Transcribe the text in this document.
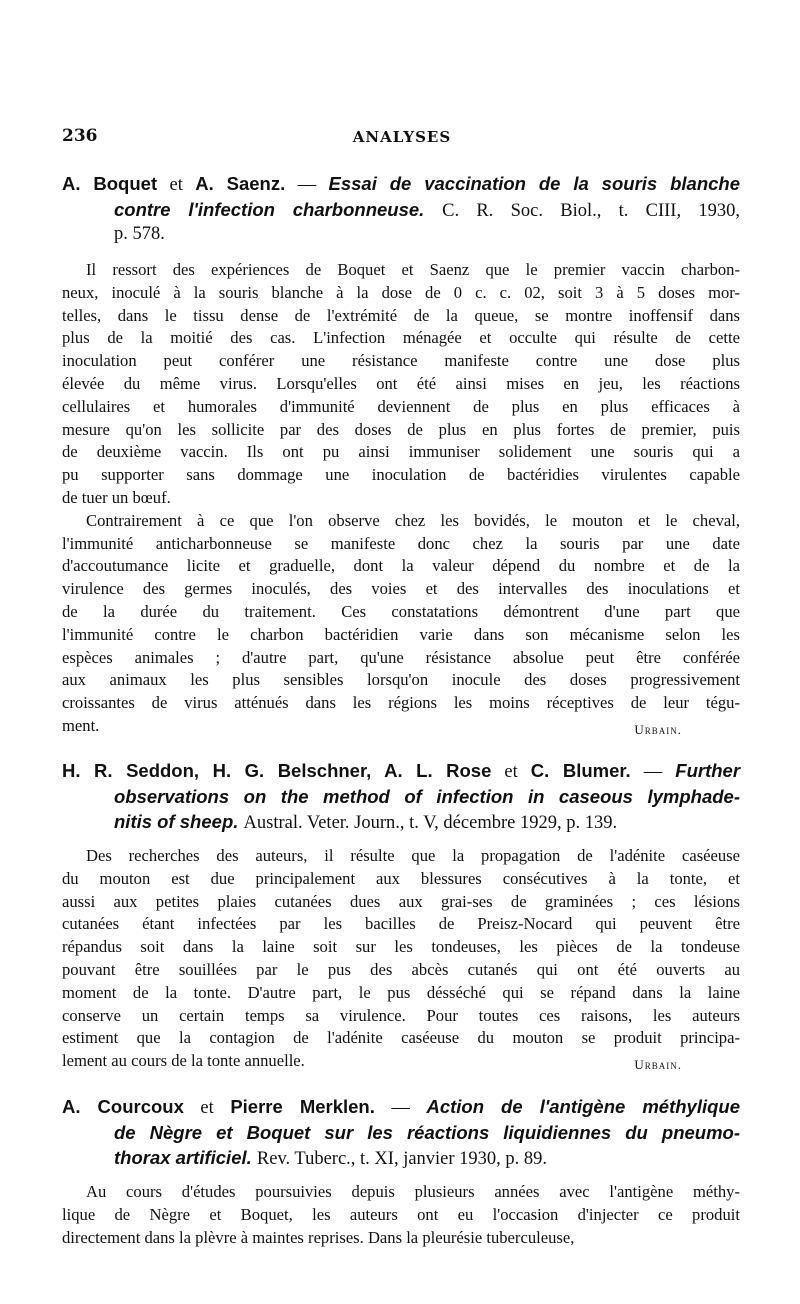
236	ANALYSES
A. Boquet et A. Saenz. — Essai de vaccination de la souris blanche
contre l'infection charbonneuse. C. R. Soc. Biol., t. CIII, 1930,
p. 578.
Il ressort des expériences de Boquet et Saenz que le premier vaccin charbon-
neux, inoculé à la souris blanche à la dose de 0 c. c. 02, soit 3 à 5 doses mor-
telles, dans le tissu dense de l'extrémité de la queue, se montre inoffensif dans
plus de la moitié des cas. L'infection ménagée et occulte qui résulte de cette
inoculation peut conférer une résistance manifeste contre une dose plus
élevée du même virus. Lorsqu'elles ont été ainsi mises en jeu, les réactions
cellulaires et humorales d'immunité deviennent de plus en plus efficaces à
mesure qu'on les sollicite par des doses de plus en plus fortes de premier, puis
de deuxième vaccin. Ils ont pu ainsi immuniser solidement une souris qui a
pu supporter sans dommage une inoculation de bactéridies virulentes capable
de tuer un bœuf.
Contrairement à ce que l'on observe chez les bovidés, le mouton et le cheval,
l'immunité anticharbonneuse se manifeste donc chez la souris par une date
d'accoutumance licite et graduelle, dont la valeur dépend du nombre et de la
virulence des germes inoculés, des voies et des intervalles des inoculations et
de la durée du traitement. Ces constatations démontrent d'une part que
l'immunité contre le charbon bactéridien varie dans son mécanisme selon les
espèces animales ; d'autre part, qu'une résistance absolue peut être conférée
aux animaux les plus sensibles lorsqu'on inocule des doses progressivement
croissantes de virus atténués dans les régions les moins réceptives de leur tégu-
ment.	Urbain.
H. R. Seddon, H. G. Belschner, A. L. Rose et C. Blumer. — Further
observations on the method of infection in caseous lymphade-
nitis of sheep. Austral. Veter. Journ., t. V, décembre 1929, p. 139.
Des recherches des auteurs, il résulte que la propagation de l'adénite caséeuse
du mouton est due principalement aux blessures consécutives à la tonte, et
aussi aux petites plaies cutanées dues aux grai-ses de graminées ; ces lésions
cutanées étant infectées par les bacilles de Preisz-Nocard qui peuvent être
répandus soit dans la laine soit sur les tondeuses, les pièces de la tondeuse
pouvant être souillées par le pus des abcès cutanés qui ont été ouverts au
moment de la tonte. D'autre part, le pus désséché qui se répand dans la laine
conserve un certain temps sa virulence. Pour toutes ces raisons, les auteurs
estiment que la contagion de l'adénite caséeuse du mouton se produit principa-
lement au cours de la tonte annuelle.	Urbain.
A. Courcoux et Pierre Merklen. — Action de l'antigène méthylique
de Nègre et Boquet sur les réactions liquidiennes du pneumo-
thorax artificiel. Rev. Tuberc., t. XI, janvier 1930, p. 89.
Au cours d'études poursuivies depuis plusieurs années avec l'antigène méthy-
lique de Nègre et Boquet, les auteurs ont eu l'occasion d'injecter ce produit
directement dans la plèvre à maintes reprises. Dans la pleurésie tuberculeuse,
